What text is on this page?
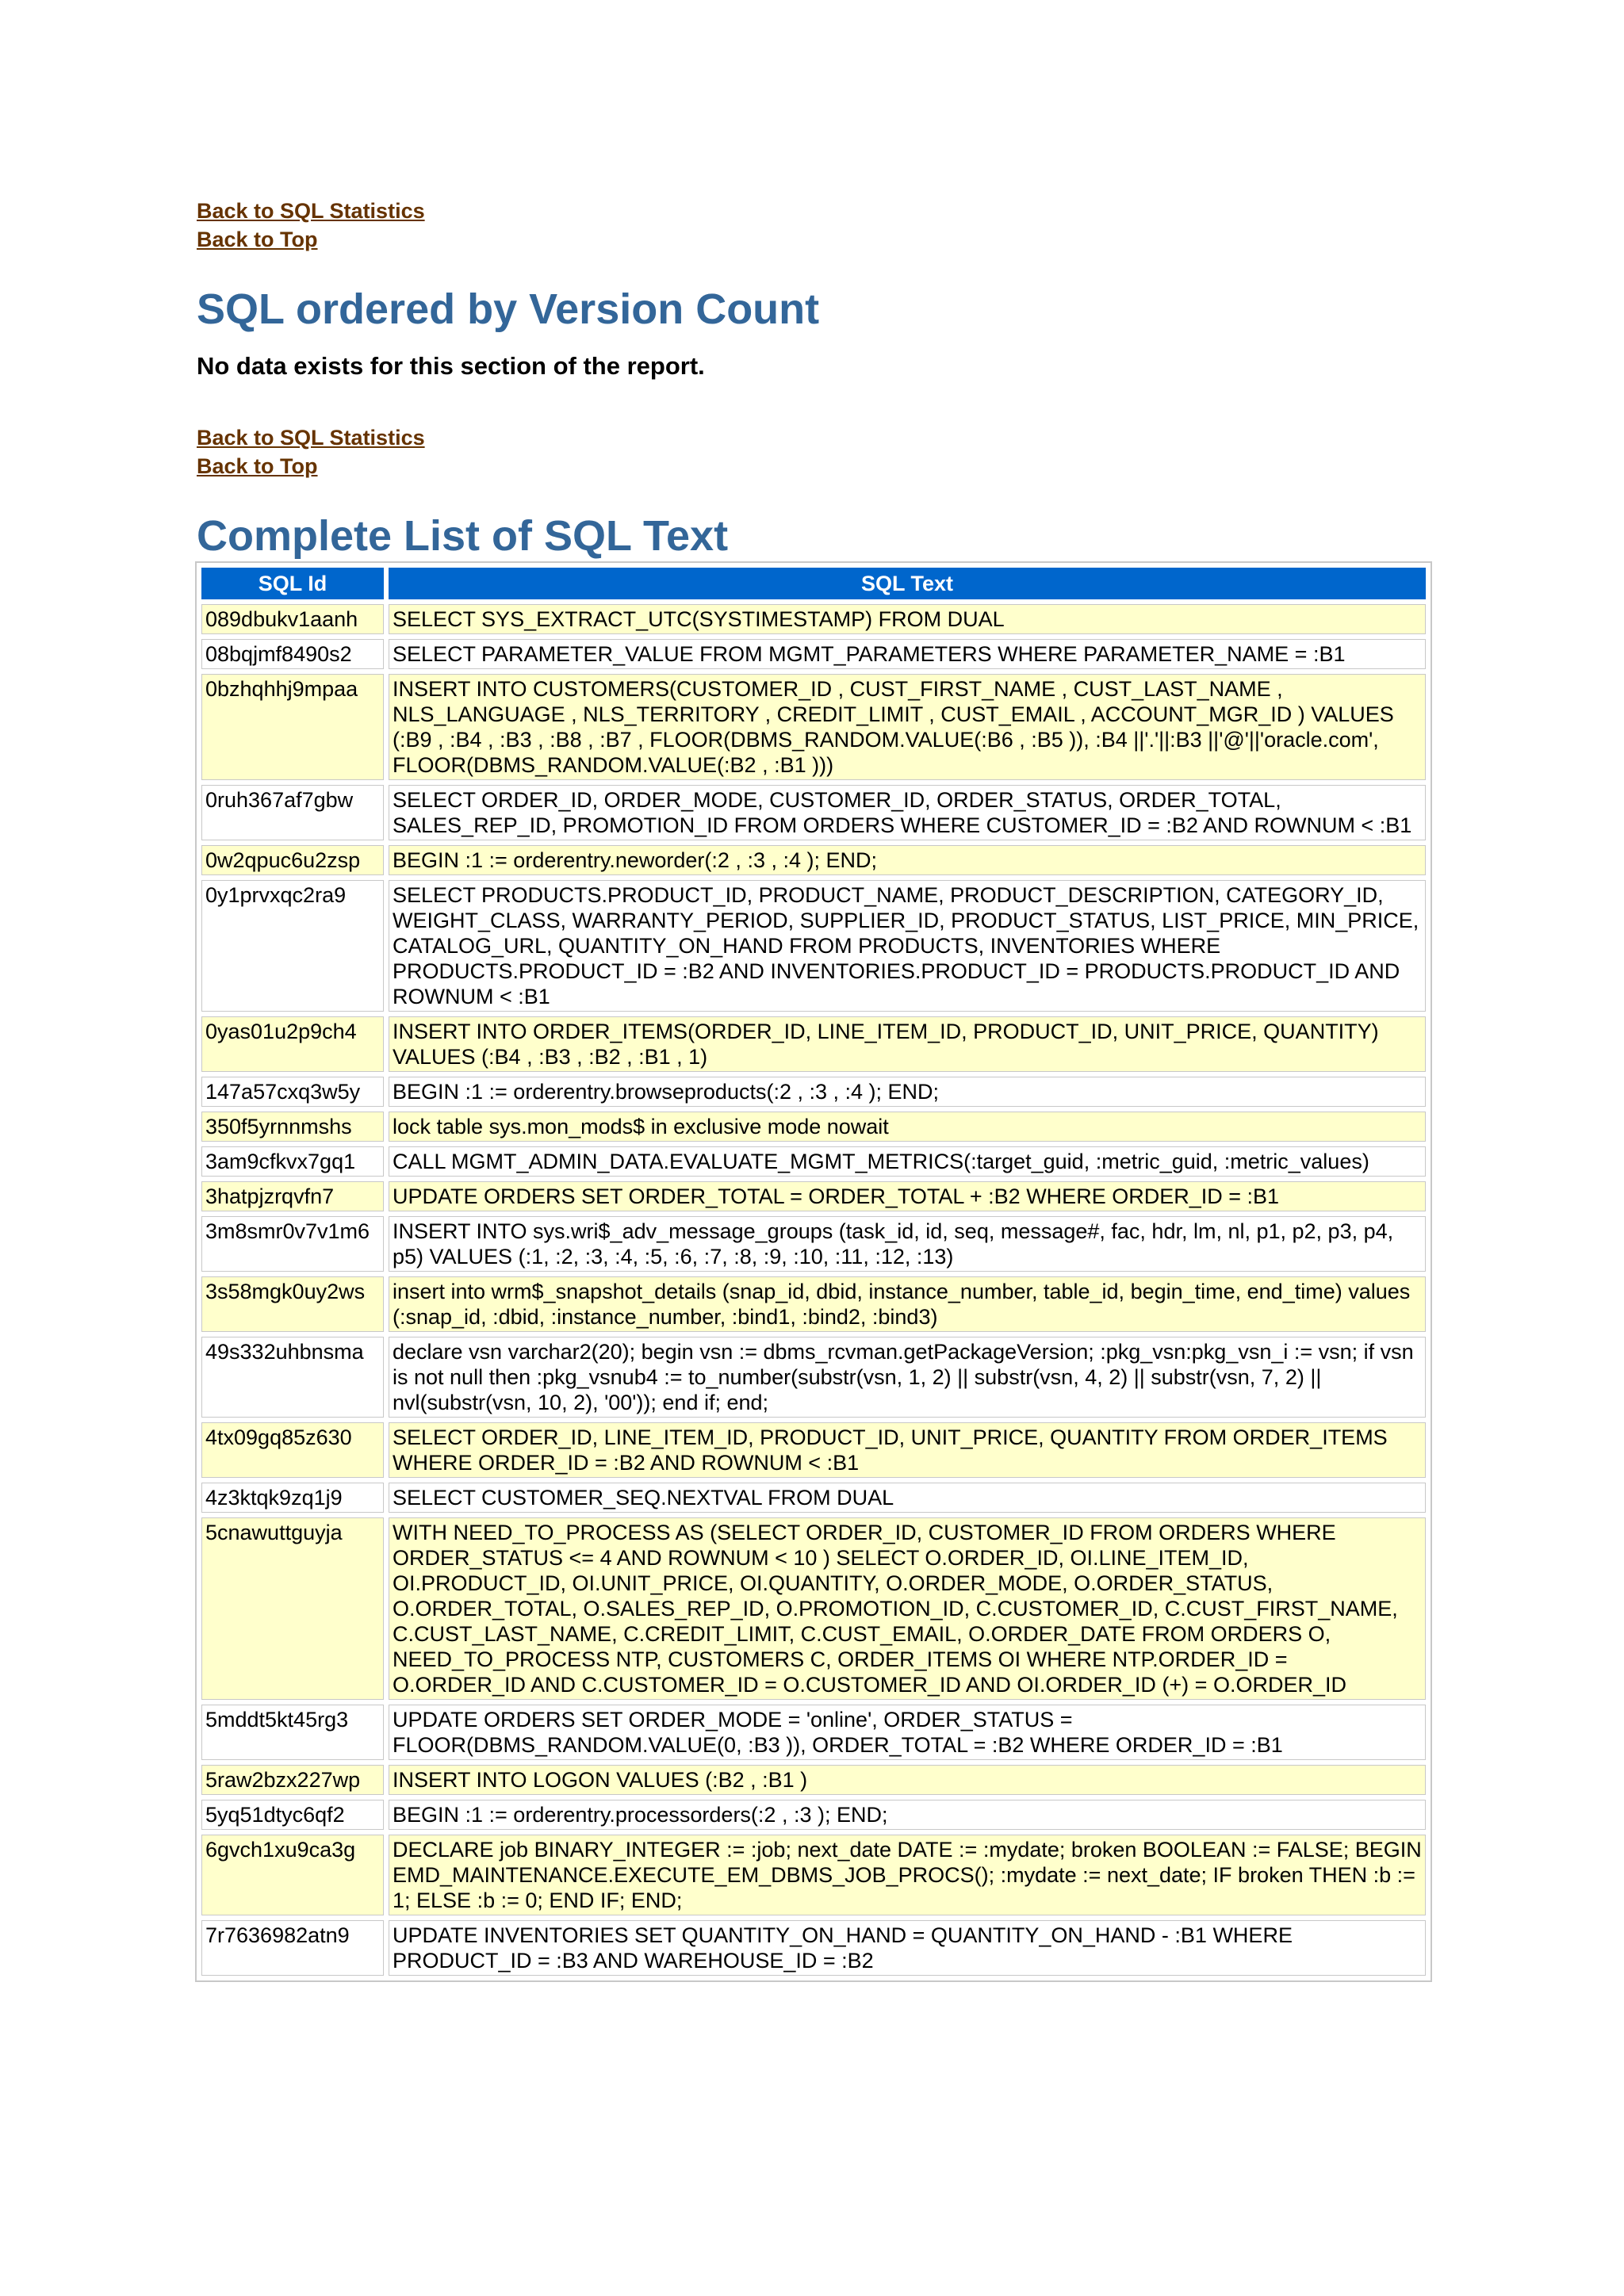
Back to SQL Statistics
Back to Top
SQL ordered by Version Count

No data exists for this section of the report.

Back to SQL Statistics
Back to Top
Complete List of SQL Text
SQL Id	SQL Text
089dbukv1aanh	SELECT SYS_EXTRACT_UTC(SYSTIMESTAMP) FROM DUAL
08bqjmf8490s2	SELECT PARAMETER_VALUE FROM MGMT_PARAMETERS WHERE PARAMETER_NAME = :B1
0bzhqhhj9mpaa	INSERT INTO CUSTOMERS(CUSTOMER_ID , CUST_FIRST_NAME , CUST_LAST_NAME , NLS_LANGUAGE , NLS_TERRITORY , CREDIT_LIMIT , CUST_EMAIL , ACCOUNT_MGR_ID ) VALUES (:B9 , :B4 , :B3 , :B8 , :B7 , FLOOR(DBMS_RANDOM.VALUE(:B6 , :B5 )), :B4 ||'.'||:B3 ||'@'||'oracle.com', FLOOR(DBMS_RANDOM.VALUE(:B2 , :B1 )))
0ruh367af7gbw	SELECT ORDER_ID, ORDER_MODE, CUSTOMER_ID, ORDER_STATUS, ORDER_TOTAL, SALES_REP_ID, PROMOTION_ID FROM ORDERS WHERE CUSTOMER_ID = :B2 AND ROWNUM < :B1
0w2qpuc6u2zsp	BEGIN :1 := orderentry.neworder(:2 , :3 , :4 ); END;
0y1prvxqc2ra9	SELECT PRODUCTS.PRODUCT_ID, PRODUCT_NAME, PRODUCT_DESCRIPTION, CATEGORY_ID, WEIGHT_CLASS, WARRANTY_PERIOD, SUPPLIER_ID, PRODUCT_STATUS, LIST_PRICE, MIN_PRICE, CATALOG_URL, QUANTITY_ON_HAND FROM PRODUCTS, INVENTORIES WHERE PRODUCTS.PRODUCT_ID = :B2 AND INVENTORIES.PRODUCT_ID = PRODUCTS.PRODUCT_ID AND ROWNUM < :B1
0yas01u2p9ch4	INSERT INTO ORDER_ITEMS(ORDER_ID, LINE_ITEM_ID, PRODUCT_ID, UNIT_PRICE, QUANTITY) VALUES (:B4 , :B3 , :B2 , :B1 , 1)
147a57cxq3w5y	BEGIN :1 := orderentry.browseproducts(:2 , :3 , :4 ); END;
350f5yrnnmshs	lock table sys.mon_mods$ in exclusive mode nowait
3am9cfkvx7gq1	CALL MGMT_ADMIN_DATA.EVALUATE_MGMT_METRICS(:target_guid, :metric_guid, :metric_values)
3hatpjzrqvfn7	UPDATE ORDERS SET ORDER_TOTAL = ORDER_TOTAL + :B2 WHERE ORDER_ID = :B1
3m8smr0v7v1m6	INSERT INTO sys.wri$_adv_message_groups (task_id, id, seq, message#, fac, hdr, lm, nl, p1, p2, p3, p4, p5) VALUES (:1, :2, :3, :4, :5, :6, :7, :8, :9, :10, :11, :12, :13)
3s58mgk0uy2ws	insert into wrm$_snapshot_details (snap_id, dbid, instance_number, table_id, begin_time, end_time) values (:snap_id, :dbid, :instance_number, :bind1, :bind2, :bind3)
49s332uhbnsma	declare vsn varchar2(20); begin vsn := dbms_rcvman.getPackageVersion; :pkg_vsn:pkg_vsn_i := vsn; if vsn is not null then :pkg_vsnub4 := to_number(substr(vsn, 1, 2) || substr(vsn, 4, 2) || substr(vsn, 7, 2) || nvl(substr(vsn, 10, 2), '00')); end if; end;
4tx09gq85z630	SELECT ORDER_ID, LINE_ITEM_ID, PRODUCT_ID, UNIT_PRICE, QUANTITY FROM ORDER_ITEMS WHERE ORDER_ID = :B2 AND ROWNUM < :B1
4z3ktqk9zq1j9	SELECT CUSTOMER_SEQ.NEXTVAL FROM DUAL
5cnawuttguyja	WITH NEED_TO_PROCESS AS (SELECT ORDER_ID, CUSTOMER_ID FROM ORDERS WHERE ORDER_STATUS <= 4 AND ROWNUM < 10 ) SELECT O.ORDER_ID, OI.LINE_ITEM_ID, OI.PRODUCT_ID, OI.UNIT_PRICE, OI.QUANTITY, O.ORDER_MODE, O.ORDER_STATUS, O.ORDER_TOTAL, O.SALES_REP_ID, O.PROMOTION_ID, C.CUSTOMER_ID, C.CUST_FIRST_NAME, C.CUST_LAST_NAME, C.CREDIT_LIMIT, C.CUST_EMAIL, O.ORDER_DATE FROM ORDERS O, NEED_TO_PROCESS NTP, CUSTOMERS C, ORDER_ITEMS OI WHERE NTP.ORDER_ID = O.ORDER_ID AND C.CUSTOMER_ID = O.CUSTOMER_ID AND OI.ORDER_ID (+) = O.ORDER_ID
5mddt5kt45rg3	UPDATE ORDERS SET ORDER_MODE = 'online', ORDER_STATUS = FLOOR(DBMS_RANDOM.VALUE(0, :B3 )), ORDER_TOTAL = :B2 WHERE ORDER_ID = :B1
5raw2bzx227wp	INSERT INTO LOGON VALUES (:B2 , :B1 )
5yq51dtyc6qf2	BEGIN :1 := orderentry.processorders(:2 , :3 ); END;
6gvch1xu9ca3g	DECLARE job BINARY_INTEGER := :job; next_date DATE := :mydate; broken BOOLEAN := FALSE; BEGIN EMD_MAINTENANCE.EXECUTE_EM_DBMS_JOB_PROCS(); :mydate := next_date; IF broken THEN :b := 1; ELSE :b := 0; END IF; END;
7r7636982atn9	UPDATE INVENTORIES SET QUANTITY_ON_HAND = QUANTITY_ON_HAND - :B1 WHERE PRODUCT_ID = :B3 AND WAREHOUSE_ID = :B2
